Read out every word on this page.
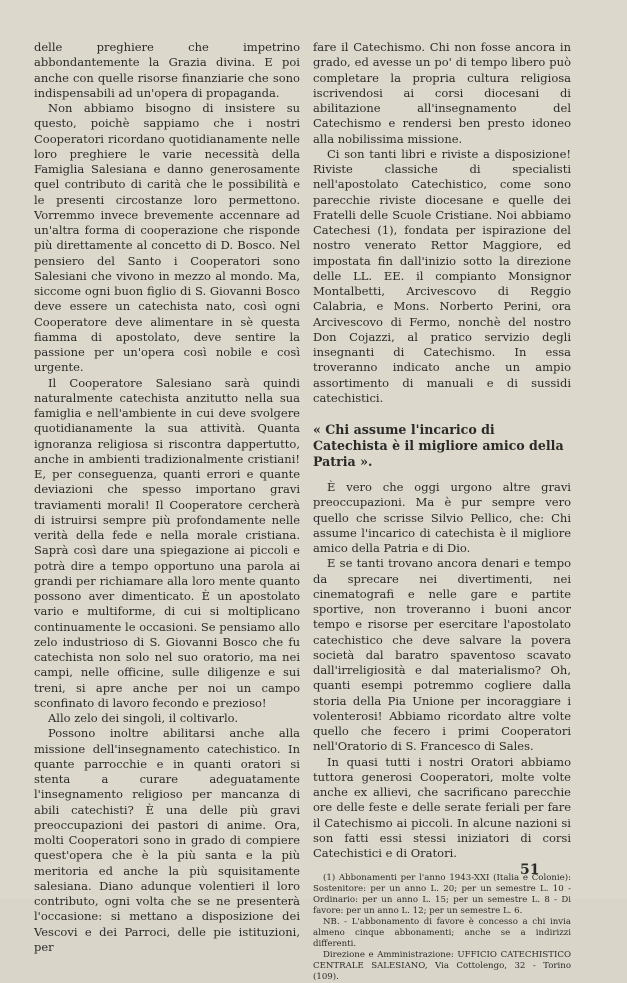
delle preghiere che impetrino abbondantemente la Grazia divina. E poi anche con quelle risorse finanziarie che sono indispensabili ad un'opera di propaganda.

Non abbiamo bisogno di insistere su questo, poichè sappiamo che i nostri Cooperatori ricordano quotidianamente nelle loro preghiere le varie necessità della Famiglia Salesiana e danno generosamente quel contributo di carità che le possibilità e le presenti circostanze loro permettono. Vorremmo invece brevemente accennare ad un'altra forma di cooperazione che risponde più direttamente al concetto di D. Bosco. Nel pensiero del Santo i Cooperatori sono Salesiani che vivono in mezzo al mondo. Ma, siccome ogni buon figlio di S. Giovanni Bosco deve essere un catechista nato, così ogni Cooperatore deve alimentare in sè questa fiamma di apostolato, deve sentire la passione per un'opera così nobile e così urgente.

Il Cooperatore Salesiano sarà quindi naturalmente catechista anzitutto nella sua famiglia e nell'ambiente in cui deve svolgere quotidianamente la sua attività. Quanta ignoranza religiosa si riscontra dappertutto, anche in ambienti tradizionalmente cristiani! E, per conseguenza, quanti errori e quante deviazioni che spesso importano gravi traviamenti morali! Il Cooperatore cercherà di istruirsi sempre più profondamente nelle verità della fede e nella morale cristiana. Saprà così dare una spiegazione ai piccoli e potrà dire a tempo opportuno una parola ai grandi per richiamare alla loro mente quanto possono aver dimenticato. È un apostolato vario e multiforme, di cui si moltiplicano continuamente le occasioni. Se pensiamo allo zelo industrioso di S. Giovanni Bosco che fu catechista non solo nel suo oratorio, ma nei campi, nelle officine, sulle diligenze e sui treni, si apre anche per noi un campo sconfinato di lavoro fecondo e prezioso!

Allo zelo dei singoli, il coltivarlo.

Possono inoltre abilitarsi anche alla missione dell'insegnamento catechistico. In quante parrocchie e in quanti oratori si stenta a curare adeguatamente l'insegnamento religioso per mancanza di abili catechisti? È una delle più gravi preoccupazioni dei pastori di anime. Ora, molti Cooperatori sono in grado di compiere quest'opera che è la più santa e la più meritoria ed anche la più squisitamente salesiana. Diano adunque volentieri il loro contributo, ogni volta che se ne presenterà l'occasione: si mettano a disposizione dei Vescovi e dei Parroci, delle pie istituzioni, per

fare il Catechismo. Chi non fosse ancora in grado, ed avesse un po' di tempo libero può completare la propria cultura religiosa iscrivendosi ai corsi diocesani di abilitazione all'insegnamento del Catechismo e rendersi ben presto idoneo alla nobilissima missione.

Ci son tanti libri e riviste a disposizione! Riviste classiche di specialisti nell'apostolato Catechistico, come sono parecchie riviste diocesane e quelle dei Fratelli delle Scuole Cristiane. Noi abbiamo Catechesi (1), fondata per ispirazione del nostro venerato Rettor Maggiore, ed impostata fin dall'inizio sotto la direzione delle LL. EE. il compianto Monsignor Montalbetti, Arcivescovo di Reggio Calabria, e Mons. Norberto Perini, ora Arcivescovo di Fermo, nonchè del nostro Don Cojazzi, al pratico servizio degli insegnanti di Catechismo. In essa troveranno indicato anche un ampio assortimento di manuali e di sussidi catechistici.

« Chi assume l'incarico di Catechista è il migliore amico della Patria ».

È vero che oggi urgono altre gravi preoccupazioni. Ma è pur sempre vero quello che scrisse Silvio Pellico, che: Chi assume l'incarico di catechista è il migliore amico della Patria e di Dio.

E se tanti trovano ancora denari e tempo da sprecare nei divertimenti, nei cinematografi e nelle gare e partite sportive, non troveranno i buoni ancor tempo e risorse per esercitare l'apostolato catechistico che deve salvare la povera società dal baratro spaventoso scavato dall'irreligiosità e dal materialismo? Oh, quanti esempi potremmo cogliere dalla storia della Pia Unione per incoraggiare i volenterosi! Abbiamo ricordato altre volte quello che fecero i primi Cooperatori nell'Oratorio di S. Francesco di Sales.

In quasi tutti i nostri Oratori abbiamo tuttora generosi Cooperatori, molte volte anche ex allievi, che sacrificano parecchie ore delle feste e delle serate feriali per fare il Catechismo ai piccoli. In alcune nazioni si son fatti essi stessi iniziatori di corsi Catechistici e di Oratori.

(1) Abbonamenti per l'anno 1943-XXI (Italia e Colonie): Sostenitore: per un anno L. 20; per un semestre L. 10 - Ordinario: per un anno L. 15; per un semestre L. 8 - Di favore: per un anno L. 12; per un semestre L. 6.

NB. - L'abbonamento di favore è concesso a chi invia almeno cinque abbonamenti; anche se a indirizzi differenti.

Direzione e Amministrazione: UFFICIO CATECHISTICO CENTRALE SALESIANO, Via Cottolengo, 32 - Torino (109).

51
